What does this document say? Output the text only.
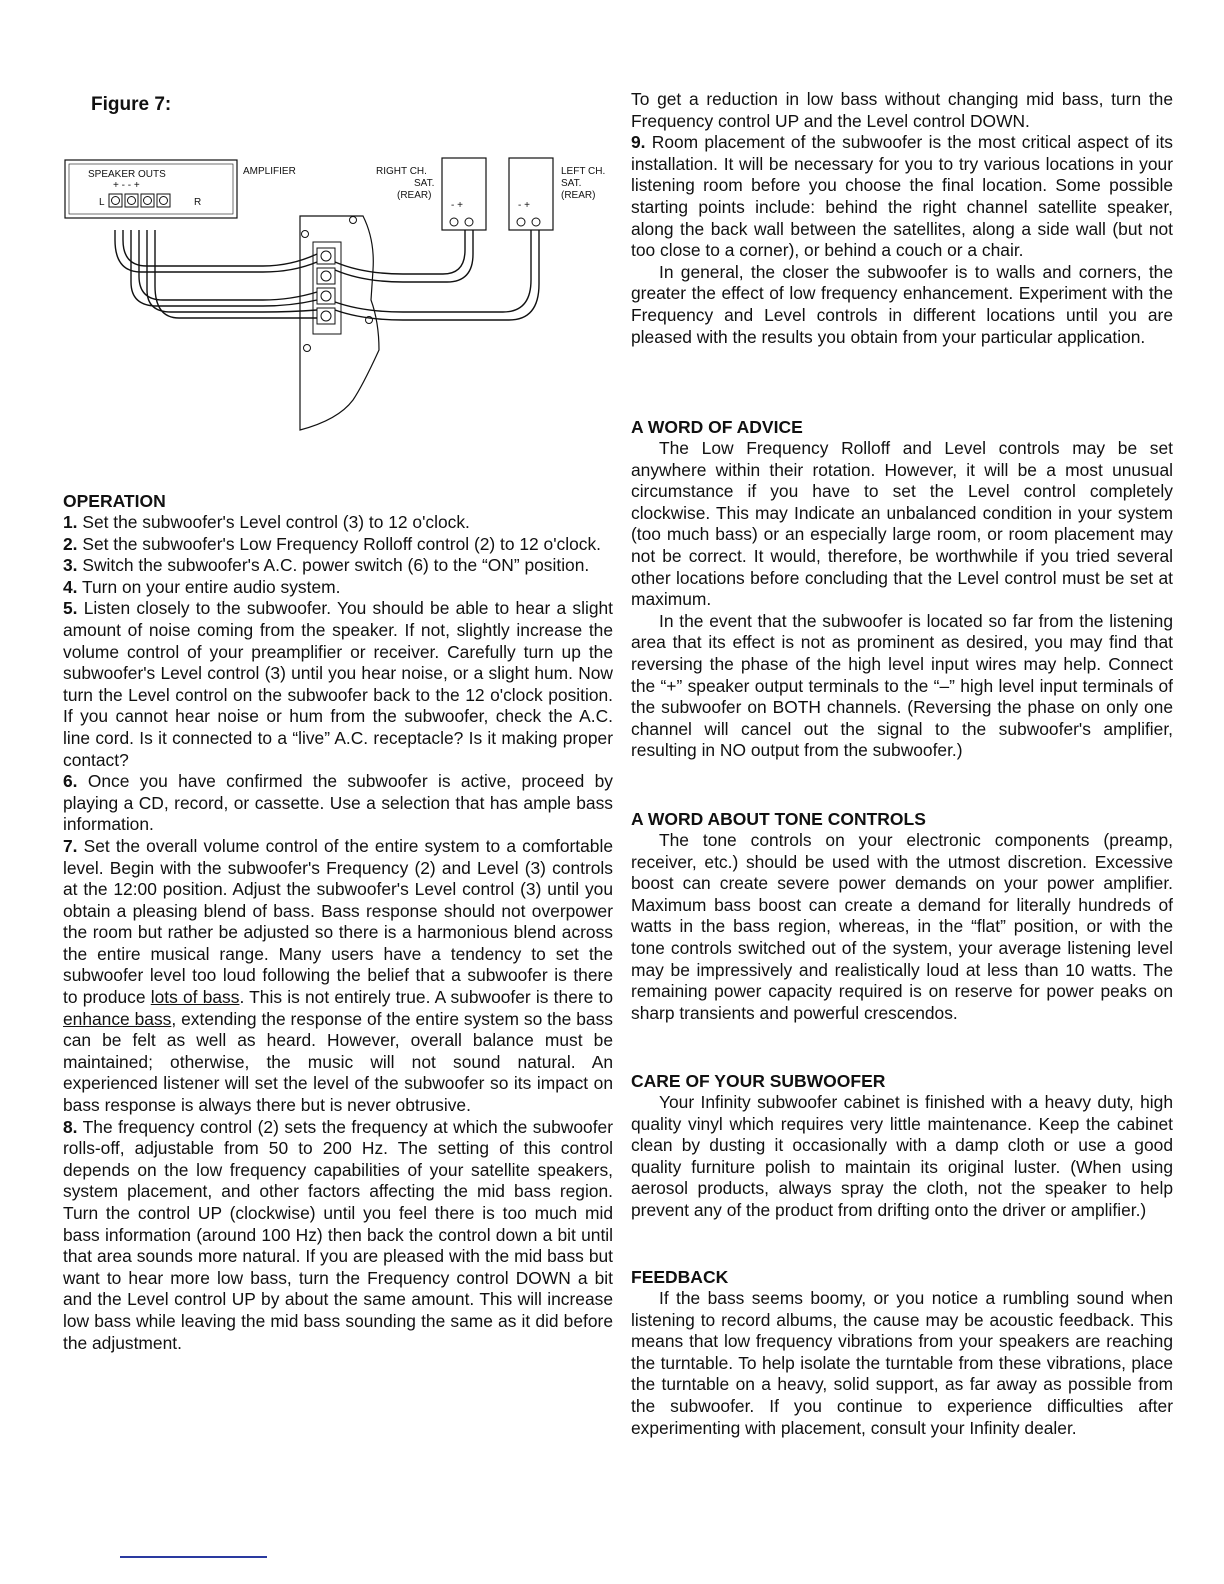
Figure 7:
SPEAKER OUTS
+ - - +
L	R
AMPLIFIER	RIGHT CH.
SAT.
(REAR)
- +	- +
LEFT CH.
SAT.
(REAR)
OPERATION

1. Set the subwoofer's Level control (3) to 12 o'clock.

2. Set the subwoofer's Low Frequency Rolloff control (2) to 12 o'clock.

3. Switch the subwoofer's A.C. power switch (6) to the “ON” position.

4. Turn on your entire audio system.

5. Listen closely to the subwoofer. You should be able to hear a slight amount of noise coming from the speaker. If not, slightly increase the volume control of your preamplifier or receiver. Carefully turn up the subwoofer's Level control (3) until you hear noise, or a slight hum. Now turn the Level control on the subwoofer back to the 12 o'clock position. If you cannot hear noise or hum from the subwoofer, check the A.C. line cord. Is it connected to a “live” A.C. receptacle? Is it making proper contact?

6. Once you have confirmed the subwoofer is active, proceed by playing a CD, record, or cassette. Use a selection that has ample bass information.

7. Set the overall volume control of the entire system to a comfortable level. Begin with the subwoofer's Frequency (2) and Level (3) controls at the 12:00 position. Adjust the subwoofer's Level control (3) until you obtain a pleasing blend of bass. Bass response should not overpower the room but rather be adjusted so there is a harmonious blend across the entire musical range. Many users have a tendency to set the subwoofer level too loud following the belief that a subwoofer is there to produce lots of bass. This is not entirely true. A subwoofer is there to enhance bass, extending the response of the entire system so the bass can be felt as well as heard. However, overall balance must be maintained; otherwise, the music will not sound natural. An experienced listener will set the level of the subwoofer so its impact on bass response is always there but is never obtrusive.

8. The frequency control (2) sets the frequency at which the subwoofer rolls-off, adjustable from 50 to 200 Hz. The setting of this control depends on the low frequency capabilities of your satellite speakers, system placement, and other factors affecting the mid bass region. Turn the control UP (clockwise) until you feel there is too much mid bass information (around 100 Hz) then back the control down a bit until that area sounds more natural. If you are pleased with the mid bass but want to hear more low bass, turn the Frequency control DOWN a bit and the Level control UP by about the same amount. This will increase low bass while leaving the mid bass sounding the same as it did before the adjustment.

To get a reduction in low bass without changing mid bass, turn the Frequency control UP and the Level control DOWN.

9. Room placement of the subwoofer is the most critical aspect of its installation. It will be necessary for you to try various locations in your listening room before you choose the final location. Some possible starting points include: behind the right channel satellite speaker, along the back wall between the satellites, along a side wall (but not too close to a corner), or behind a couch or a chair.

In general, the closer the subwoofer is to walls and corners, the greater the effect of low frequency enhancement. Experiment with the Frequency and Level controls in different locations until you are pleased with the results you obtain from your particular application.

A WORD OF ADVICE

The Low Frequency Rolloff and Level controls may be set anywhere within their rotation. However, it will be a most unusual circumstance if you have to set the Level control completely clockwise. This may Indicate an unbalanced condition in your system (too much bass) or an especially large room, or room placement may not be correct. It would, therefore, be worthwhile if you tried several other locations before concluding that the Level control must be set at maximum.

In the event that the subwoofer is located so far from the listening area that its effect is not as prominent as desired, you may find that reversing the phase of the high level input wires may help. Connect the “+” speaker output terminals to the “–” high level input terminals of the subwoofer on BOTH channels. (Reversing the phase on only one channel will cancel out the signal to the subwoofer's amplifier, resulting in NO output from the subwoofer.)

A WORD ABOUT TONE CONTROLS

The tone controls on your electronic components (preamp, receiver, etc.) should be used with the utmost discretion. Excessive boost can create severe power demands on your power amplifier. Maximum bass boost can create a demand for literally hundreds of watts in the bass region, whereas, in the “flat” position, or with the tone controls switched out of the system, your average listening level may be impressively and realistically loud at less than 10 watts. The remaining power capacity required is on reserve for power peaks on sharp transients and powerful crescendos.

CARE OF YOUR SUBWOOFER

Your Infinity subwoofer cabinet is finished with a heavy duty, high quality vinyl which requires very little maintenance. Keep the cabinet clean by dusting it occasionally with a damp cloth or use a good quality furniture polish to maintain its original luster. (When using aerosol products, always spray the cloth, not the speaker to help prevent any of the product from drifting onto the driver or amplifier.)

FEEDBACK

If the bass seems boomy, or you notice a rumbling sound when listening to record albums, the cause may be acoustic feedback. This means that low frequency vibrations from your speakers are reaching the turntable. To help isolate the turntable from these vibrations, place the turntable on a heavy, solid support, as far away as possible from the subwoofer. If you continue to experience difficulties after experimenting with placement, consult your Infinity dealer.
